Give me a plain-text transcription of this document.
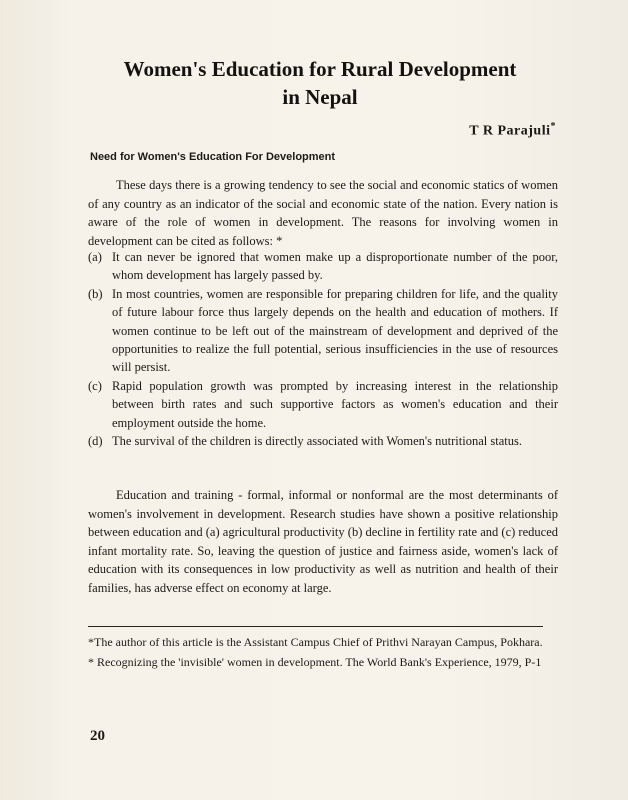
Women's Education for Rural Development
in Nepal
T R Parajuli*
Need for Women's Education For Development
These days there is a growing tendency to see the social and economic statics of women of any country as an indicator of the social and economic state of the nation. Every nation is aware of the role of women in development. The reasons for involving women in development can be cited as follows: *
(a) It can never be ignored that women make up a disproportionate number of the poor, whom development has largely passed by.
(b) In most countries, women are responsible for preparing children for life, and the quality of future labour force thus largely depends on the health and education of mothers. If women continue to be left out of the mainstream of development and deprived of the opportunities to realize the full potential, serious insufficiencies in the use of resources will persist.
(c) Rapid population growth was prompted by increasing interest in the relationship between birth rates and such supportive factors as women's education and their employment outside the home.
(d) The survival of the children is directly associated with Women's nutritional status.
Education and training - formal, informal or nonformal are the most determinants of women's involvement in development. Research studies have shown a positive relationship between education and (a) agricultural productivity (b) decline in fertility rate and (c) reduced infant mortality rate. So, leaving the question of justice and fairness aside, women's lack of education with its consequences in low productivity as well as nutrition and health of their families, has adverse effect on economy at large.
*The author of this article is the Assistant Campus Chief of Prithvi Narayan Campus, Pokhara.
* Recognizing the 'invisible' women in development. The World Bank's Experience, 1979, P-1
20
